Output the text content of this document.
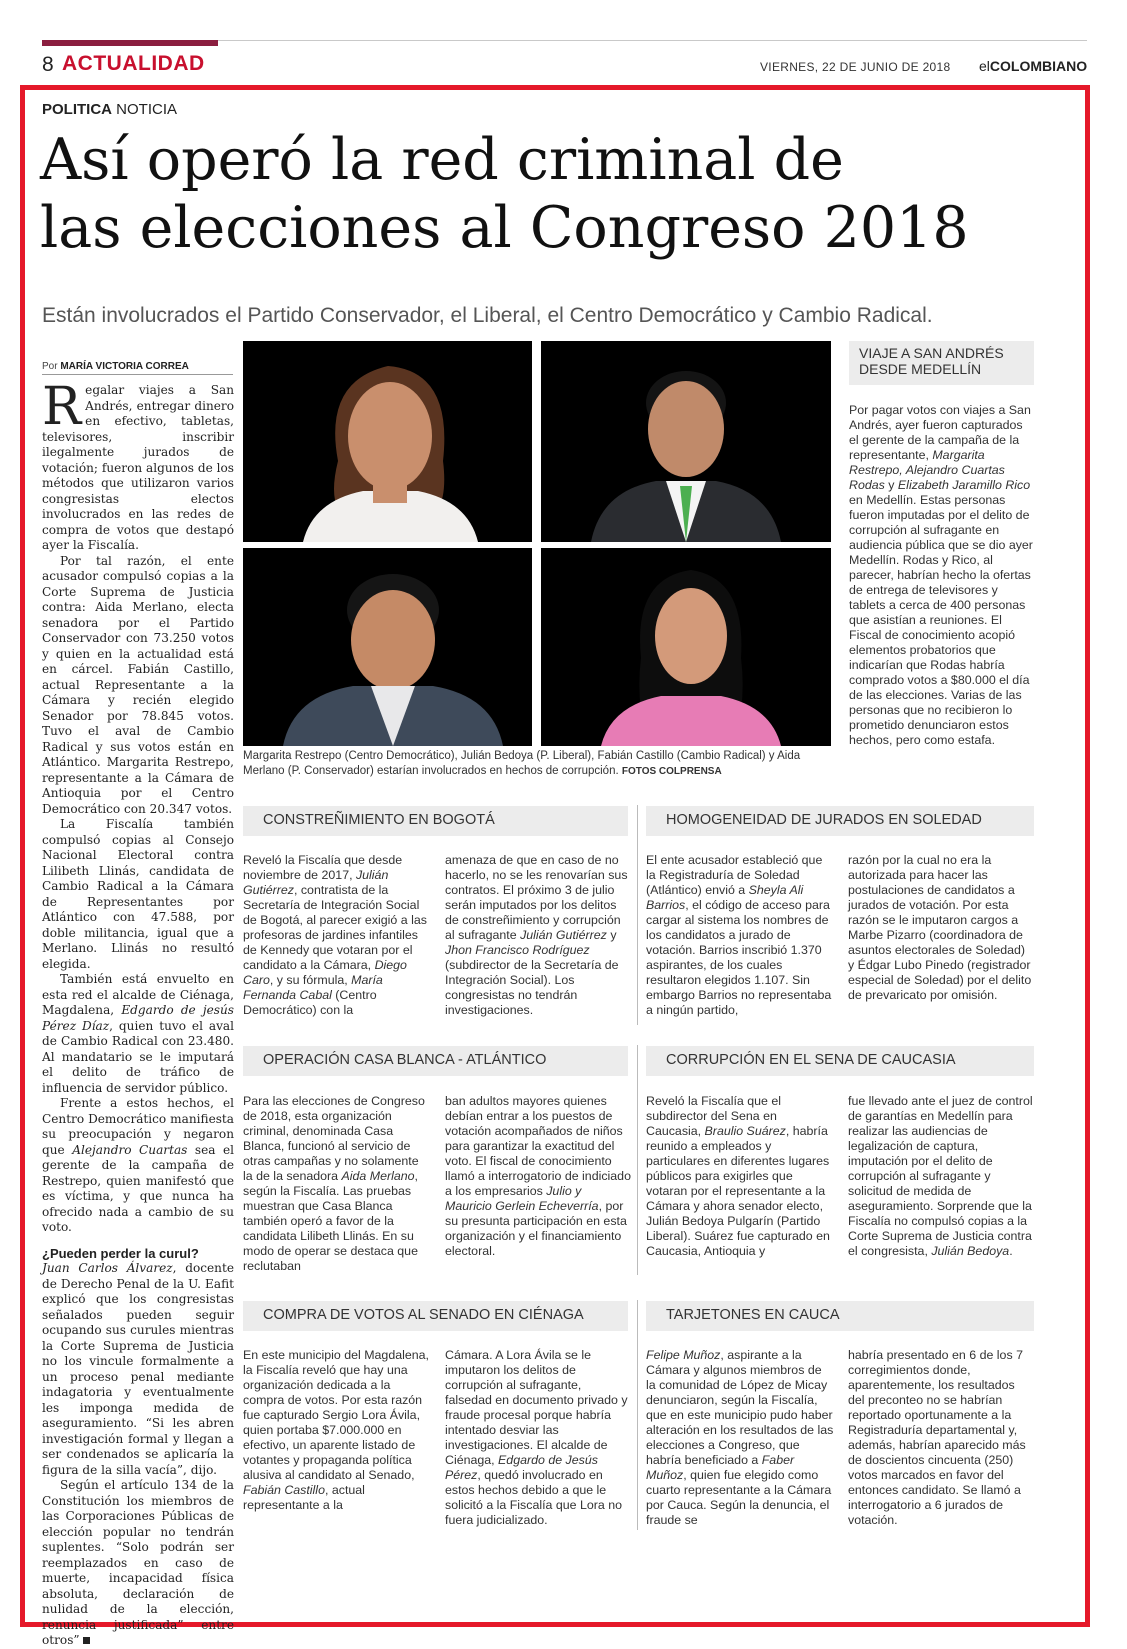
8 ACTUALIDAD	VIERNES, 22 DE JUNIO DE 2018 elCOLOMBIANO
POLITICA NOTICIA
Así operó la red criminal de
las elecciones al Congreso 2018
Están involucrados el Partido Conservador, el Liberal, el Centro Democrático y Cambio Radical.
Por MARÍA VICTORIA CORREA

Regalar viajes a San Andrés, entregar dinero en efectivo, tabletas, televisores, inscribir ilegalmente jurados de votación; fueron algunos de los métodos que utilizaron varios congresistas electos involucrados en las redes de compra de votos que destapó ayer la Fiscalía.

Por tal razón, el ente acusador compulsó copias a la Corte Suprema de Justicia contra: Aida Merlano, electa senadora por el Partido Conservador con 73.250 votos y quien en la actualidad está en cárcel. Fabián Castillo, actual Representante a la Cámara y recién elegido Senador por 78.845 votos. Tuvo el aval de Cambio Radical y sus votos están en Atlántico. Margarita Restrepo, representante a la Cámara de Antioquia por el Centro Democrático con 20.347 votos.

La Fiscalía también compulsó copias al Consejo Nacional Electoral contra Lilibeth Llinás, candidata de Cambio Radical a la Cámara de Representantes por Atlántico con 47.588, por doble militancia, igual que a Merlano. Llinás no resultó elegida.

También está envuelto en esta red el alcalde de Ciénaga, Magdalena, Edgardo de jesús Pérez Díaz, quien tuvo el aval de Cambio Radical con 23.480. Al mandatario se le imputará el delito de tráfico de influencia de servidor público.

Frente a estos hechos, el Centro Democrático manifiesta su preocupación y negaron que Alejandro Cuartas sea el gerente de la campaña de Restrepo, quien manifestó que es víctima, y que nunca ha ofrecido nada a cambio de su voto.

¿Pueden perder la curul?

Juan Carlos Álvarez, docente de Derecho Penal de la U. Eafit explicó que los congresistas señalados pueden seguir ocupando sus curules mientras la Corte Suprema de Justicia no los vincule formalmente a un proceso penal mediante indagatoria y eventualmente les imponga medida de aseguramiento. “Si les abren investigación formal y llegan a ser condenados se aplicaría la figura de la silla vacía”, dijo.

Según el artículo 134 de la Constitución los miembros de las Corporaciones Públicas de elección popular no tendrán suplentes. “Solo podrán ser reemplazados en caso de muerte, incapacidad física absoluta, declaración de nulidad de la elección, renuncia justificada” entre otros”

Margarita Restrepo (Centro Democrático), Julián Bedoya (P. Liberal), Fabián Castillo (Cambio Radical) y Aida Merlano (P. Conservador) estarían involucrados en hechos de corrupción. FOTOS COLPRENSA
VIAJE A SAN ANDRÉS DESDE MEDELLÍN
Por pagar votos con viajes a San Andrés, ayer fueron capturados el gerente de la campaña de la representante, Margarita Restrepo, Alejandro Cuartas Rodas y Elizabeth Jaramillo Rico en Medellín. Estas personas fueron imputadas por el delito de corrupción al sufragante en audiencia pública que se dio ayer Medellín. Rodas y Rico, al parecer, habrían hecho la ofertas de entrega de televisores y tablets a cerca de 400 personas que asistían a reuniones. El Fiscal de conocimiento acopió elementos probatorios que indicarían que Rodas habría comprado votos a $80.000 el día de las elecciones. Varias de las personas que no recibieron lo prometido denunciaron estos hechos, pero como estafa.
CONSTREÑIMIENTO EN BOGOTÁ
Reveló la Fiscalía que desde noviembre de 2017, Julián Gutiérrez, contratista de la Secretaría de Integración Social de Bogotá, al parecer exigió a las profesoras de jardines infantiles de Kennedy que votaran por el candidato a la Cámara, Diego Caro, y su fórmula, María Fernanda Cabal (Centro Democrático) con la
amenaza de que en caso de no hacerlo, no se les renovarían sus contratos. El próximo 3 de julio serán imputados por los delitos de constreñimiento y corrupción al sufragante Julián Gutiérrez y Jhon Francisco Rodríguez (subdirector de la Secretaría de Integración Social). Los congresistas no tendrán investigaciones.
HOMOGENEIDAD DE JURADOS EN SOLEDAD
El ente acusador estableció que la Registraduría de Soledad (Atlántico) envió a Sheyla Ali Barrios, el código de acceso para cargar al sistema los nombres de los candidatos a jurado de votación. Barrios inscribió 1.370 aspirantes, de los cuales resultaron elegidos 1.107. Sin embargo Barrios no representaba a ningún partido,
razón por la cual no era la autorizada para hacer las postulaciones de candidatos a jurados de votación. Por esta razón se le imputaron cargos a Marbe Pizarro (coordinadora de asuntos electorales de Soledad) y Édgar Lubo Pinedo (registrador especial de Soledad) por el delito de prevaricato por omisión.
OPERACIÓN CASA BLANCA - ATLÁNTICO
Para las elecciones de Congreso de 2018, esta organización criminal, denominada Casa Blanca, funcionó al servicio de otras campañas y no solamente la de la senadora Aida Merlano, según la Fiscalía. Las pruebas muestran que Casa Blanca también operó a favor de la candidata Lilibeth Llinás. En su modo de operar se destaca que reclutaban
ban adultos mayores quienes debían entrar a los puestos de votación acompañados de niños para garantizar la exactitud del voto. El fiscal de conocimiento llamó a interrogatorio de indiciado a los empresarios Julio y Mauricio Gerlein Echeverría, por su presunta participación en esta organización y el financiamiento electoral.
CORRUPCIÓN EN EL SENA DE CAUCASIA
Reveló la Fiscalía que el subdirector del Sena en Caucasia, Braulio Suárez, habría reunido a empleados y particulares en diferentes lugares públicos para exigirles que votaran por el representante a la Cámara y ahora senador electo, Julián Bedoya Pulgarín (Partido Liberal). Suárez fue capturado en Caucasia, Antioquia y
fue llevado ante el juez de control de garantías en Medellín para realizar las audiencias de legalización de captura, imputación por el delito de corrupción al sufragante y solicitud de medida de aseguramiento. Sorprende que la Fiscalía no compulsó copias a la Corte Suprema de Justicia contra el congresista, Julián Bedoya.
COMPRA DE VOTOS AL SENADO EN CIÉNAGA
En este municipio del Magdalena, la Fiscalía reveló que hay una organización dedicada a la compra de votos. Por esta razón fue capturado Sergio Lora Ávila, quien portaba $7.000.000 en efectivo, un aparente listado de votantes y propaganda política alusiva al candidato al Senado, Fabián Castillo, actual representante a la
Cámara. A Lora Ávila se le imputaron los delitos de corrupción al sufragante, falsedad en documento privado y fraude procesal porque habría intentado desviar las investigaciones. El alcalde de Ciénaga, Edgardo de Jesús Pérez, quedó involucrado en estos hechos debido a que le solicitó a la Fiscalía que Lora no fuera judicializado.
TARJETONES EN CAUCA
Felipe Muñoz, aspirante a la Cámara y algunos miembros de la comunidad de López de Micay denunciaron, según la Fiscalía, que en este municipio pudo haber alteración en los resultados de las elecciones a Congreso, que habría beneficiado a Faber Muñoz, quien fue elegido como cuarto representante a la Cámara por Cauca. Según la denuncia, el fraude se
habría presentado en 6 de los 7 corregimientos donde, aparentemente, los resultados del preconteo no se habrían reportado oportunamente a la Registraduría departamental y, además, habrían aparecido más de doscientos cincuenta (250) votos marcados en favor del entonces candidato. Se llamó a interrogatorio a 6 jurados de votación.
